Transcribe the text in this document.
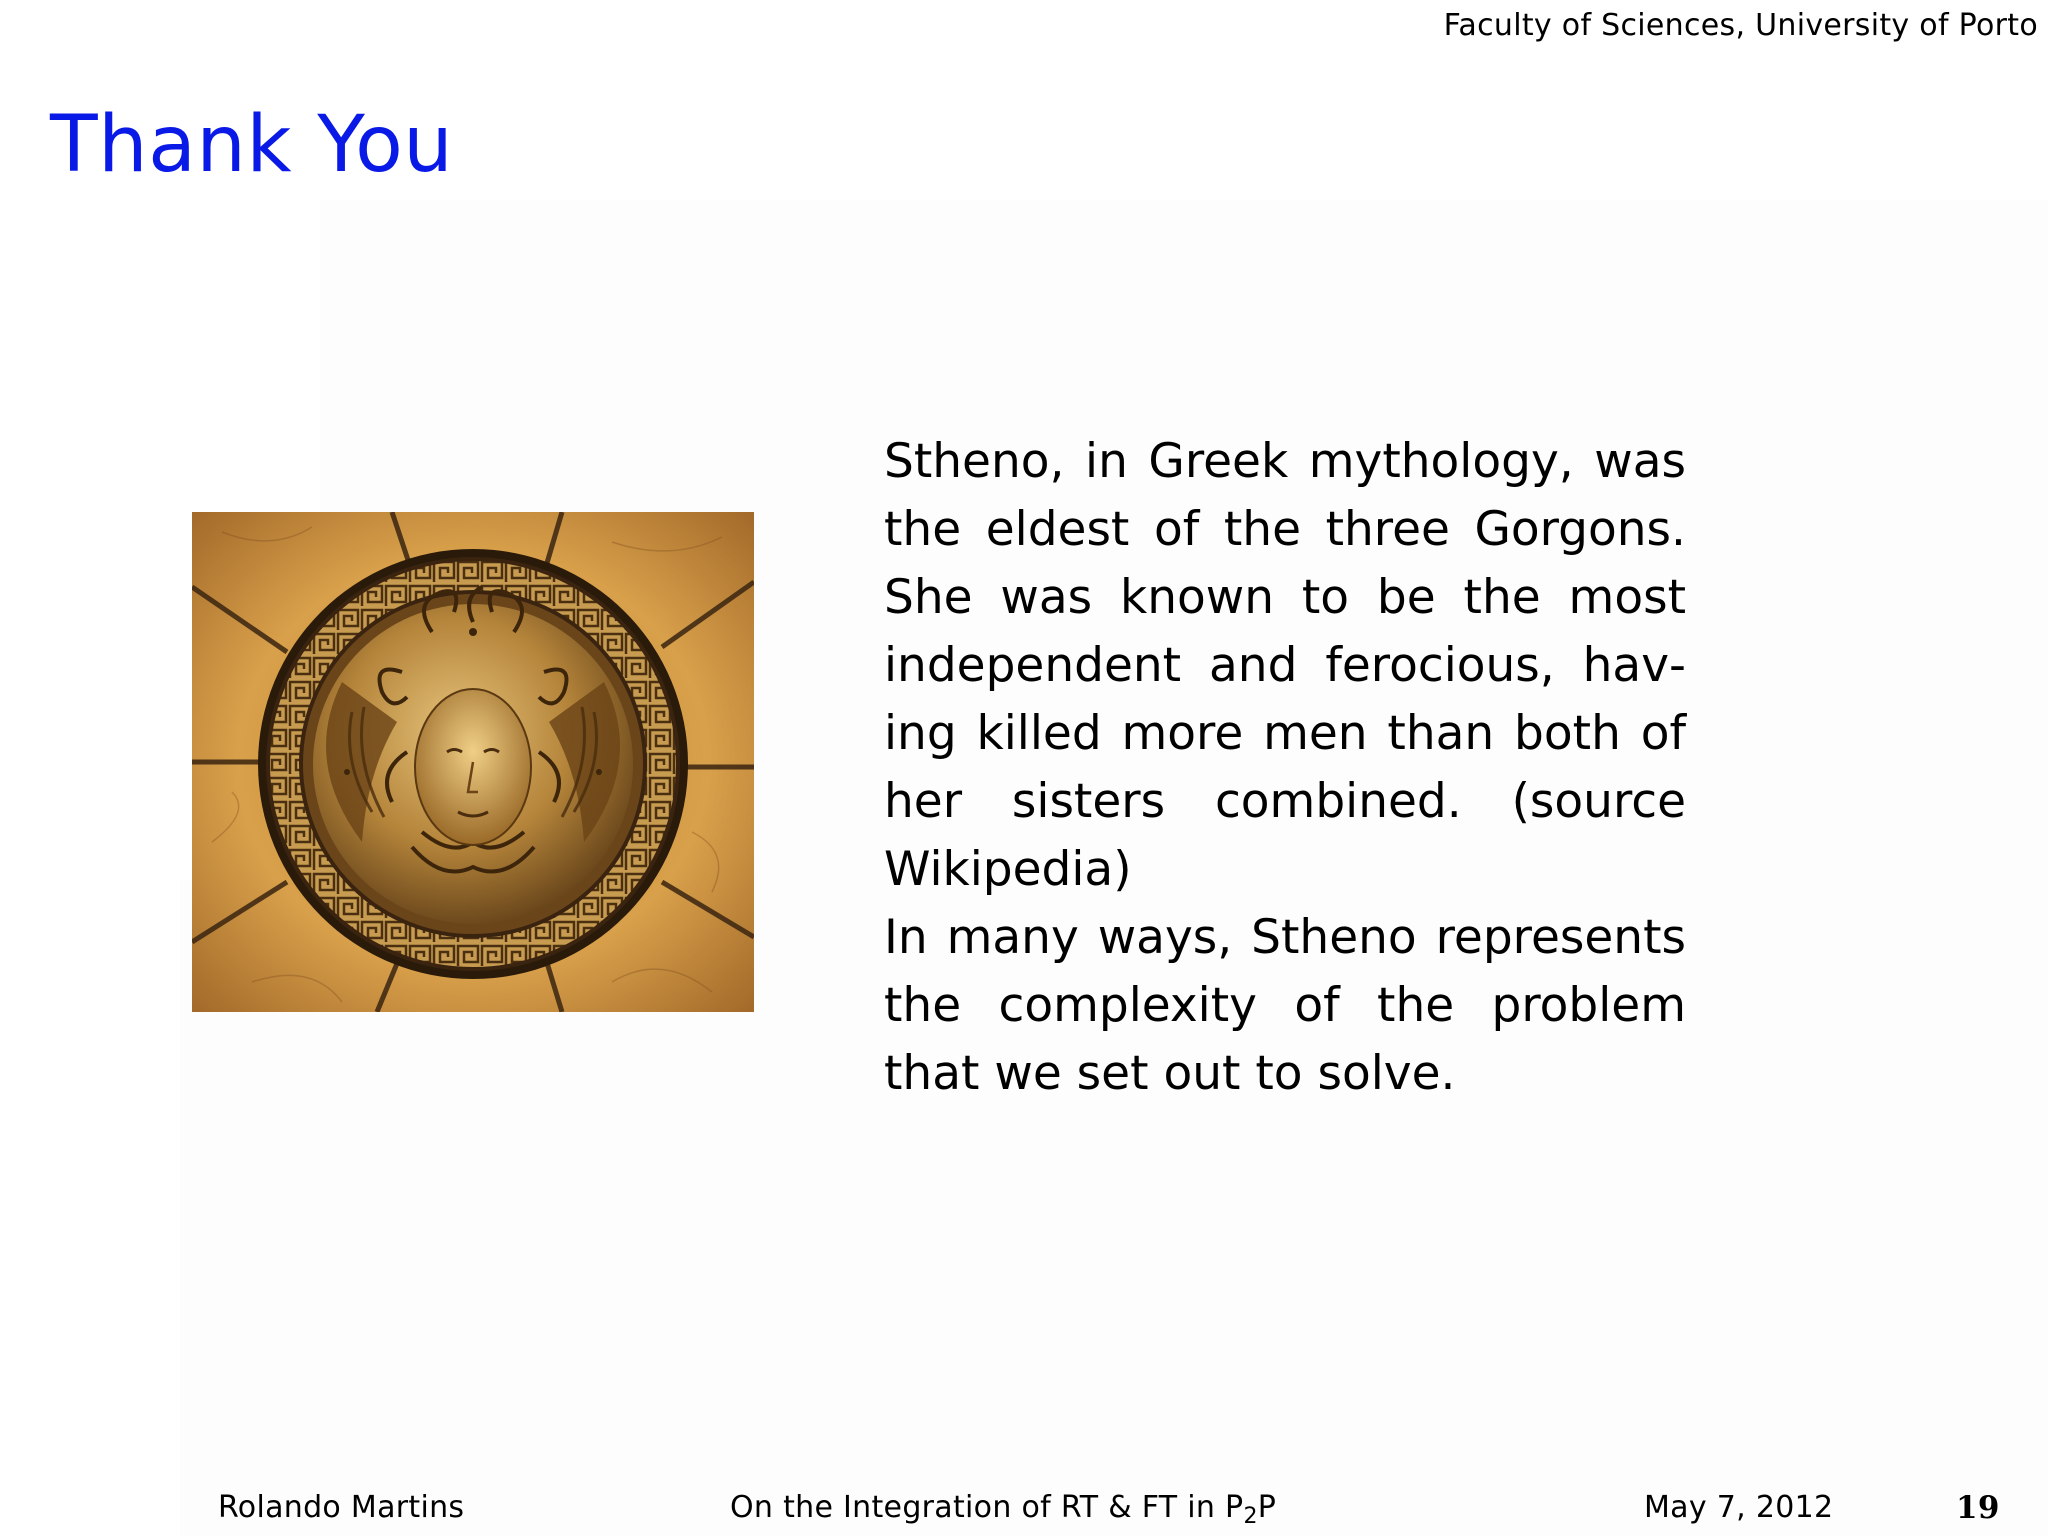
Faculty of Sciences, University of Porto
Thank You

Stheno, in Greek mythology, was the eldest of the three Gorgons. She was known to be the most independent and ferocious, having killed more men than both of her sisters combined. (source Wikipedia)

In many ways, Stheno represents the complexity of the problem that we set out to solve.

Rolando Martins	On the Integration of RT & FT in $P_2P$	May 7, 2012	19
